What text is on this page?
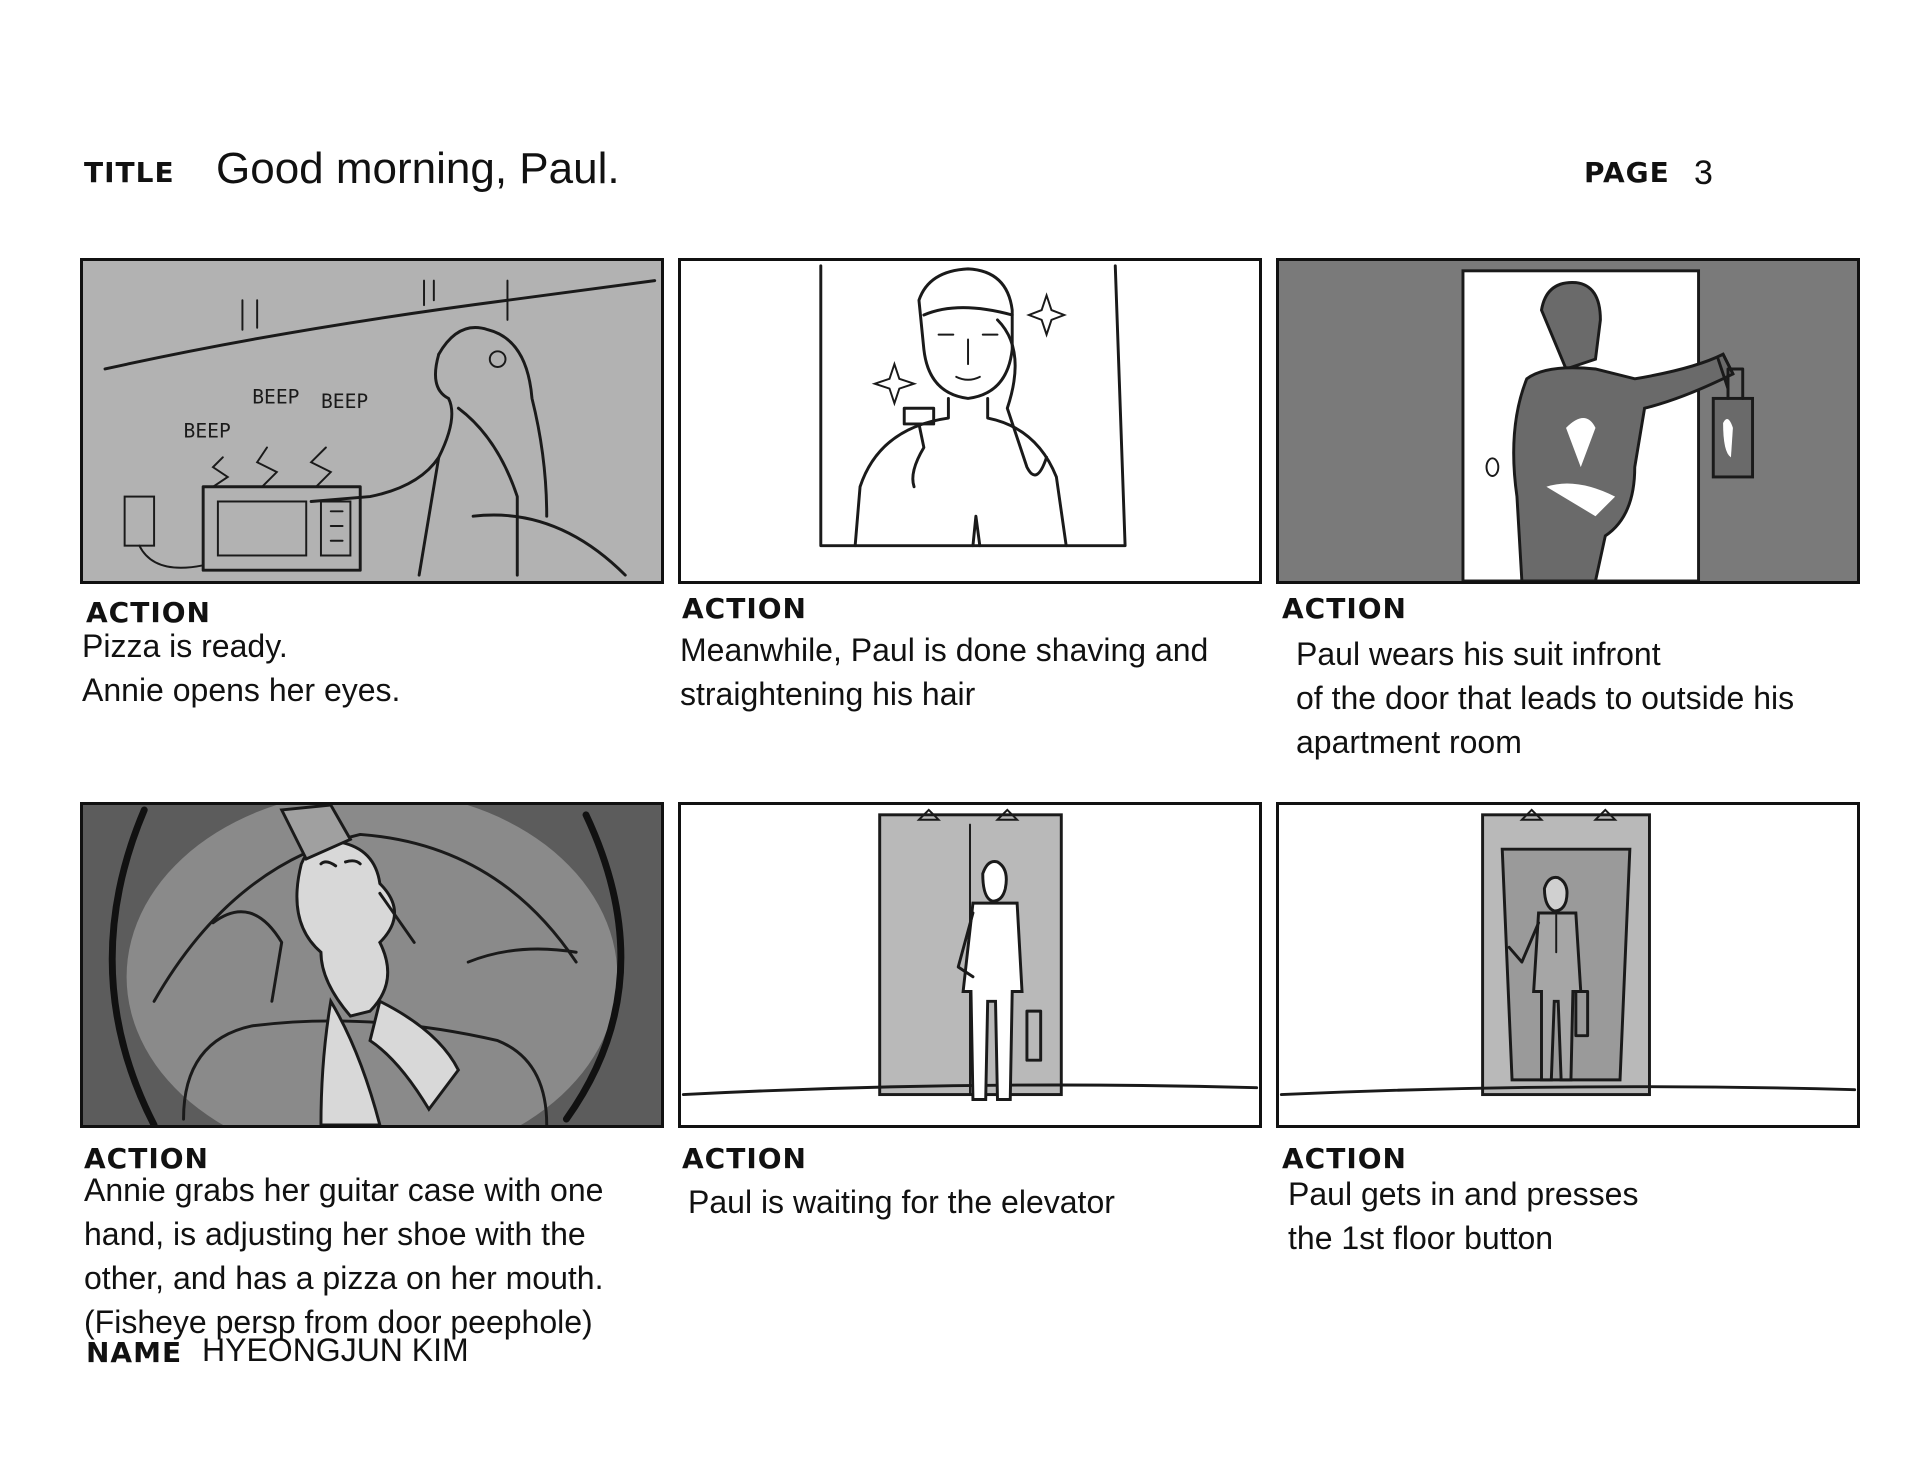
TITLE Good morning, Paul.	PAGE 3
BEEP
BEEP BEEP
ACTION
Pizza is ready.
Annie opens her eyes.
ACTION
Meanwhile, Paul is done shaving and
straightening his hair
ACTION
Paul wears his suit infront
of the door that leads to outside his
apartment room
ACTION
Annie grabs her guitar case with one
hand, is adjusting her shoe with the
other, and has a pizza on her mouth.
(Fisheye persp from door peephole)
ACTION
Paul is waiting for the elevator
ACTION
Paul gets in and presses
the 1st floor button
NAME HYEONGJUN KIM
